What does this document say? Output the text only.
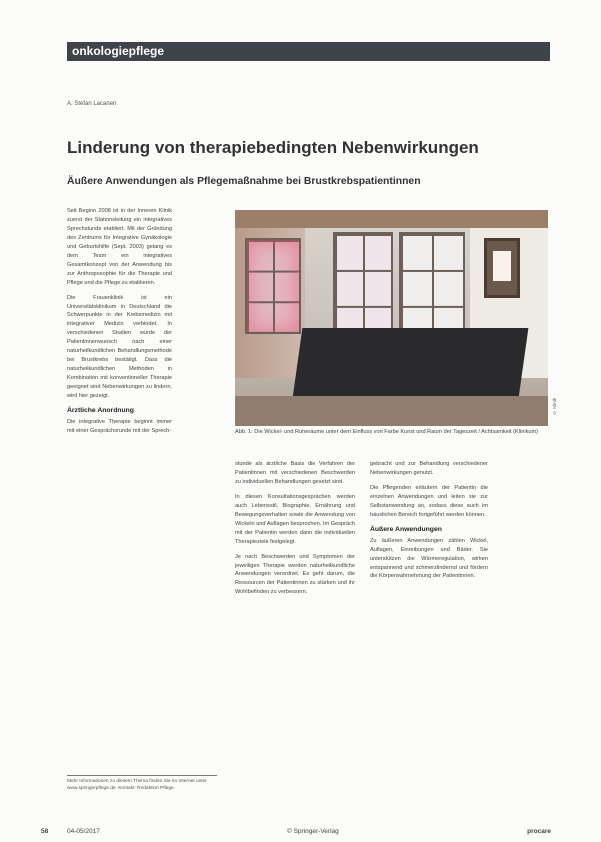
onkologiepflege
A. Stefan Lacanen
Linderung von therapiebedingten Nebenwirkungen
Äußere Anwendungen als Pflegemaßnahme bei Brustkrebspatientinnen

Seit Beginn 2008 ist in der Inneren Klinik zuerst der Stationsleitung ein integratives Sprechstunde etabliert. Mit der Gründung des Zentrums für Integrative Gynäkologie und Geburtshilfe (Sept. 2003) gelang es dem Team ein integratives Gesamtkonzept von der Anwendung bis zur Anthroposophie für die Therapie und Pflege und die Pflege zu etablieren.

Die Frauenklinik ist ein Universitätsklinikum in Deutschland die Schwerpunkte in der Krebsmedizin mit integrativer Medizin verbindet. In verschiedenen Studien wurde der Patientinnenwunsch nach einer naturheilkundlichen Behandlungsmethode bei Brustkrebs bestätigt. Dass die naturheilkundlichen Methoden in Kombination mit konventioneller Therapie geeignet sind Nebenwirkungen zu lindern, wird hier gezeigt.

Ärztliche Anordnung

Die integrative Therapie beginnt immer mit einer Gesprächsrunde mit der Sprech-

© Klinik
Abb. 1: Die Wickel- und Ruheräume unter dem Einfluss von Farbe Kunst und Raum der Tageszeit / Achtsamkeit (Klinikum)

stunde als ärztliche Basis die Verfahren der Patientinnen mit verschiedenen Beschwerden zu individuellen Behandlungen gesetzt sind.

In diesen Konsultationsgesprächen werden auch Lebensstil, Biographie, Ernährung und Bewegungsverhalten sowie die Anwendung von Wickeln und Auflagen besprochen. Im Gespräch mit der Patientin werden dann die individuellen Therapieziele festgelegt.

Je nach Beschwerden und Symptomen der jeweiligen Therapie werden naturheilkundliche Anwendungen verordnet. Es geht darum, die Ressourcen der Patientinnen zu stärken und ihr Wohlbefinden zu verbessern.

gebracht und zur Behandlung verschiedener Nebenwirkungen genutzt.

Die Pflegenden erläutern der Patientin die einzelnen Anwendungen und leiten sie zur Selbstanwendung an, sodass diese auch im häuslichen Bereich fortgeführt werden können.

Äußere Anwendungen

Zu äußeren Anwendungen zählen Wickel, Auflagen, Einreibungen und Bäder. Sie unterstützen die Wärmeregulation, wirken entspannend und schmerzlindernd und fördern die Körperwahrnehmung der Patientinnen.

Mehr Informationen zu diesem Thema finden Sie im Internet unter www.springerpflege.de. Kontakt: Redaktion Pflege.
58	04-05/2017	© Springer-Verlag	procare
